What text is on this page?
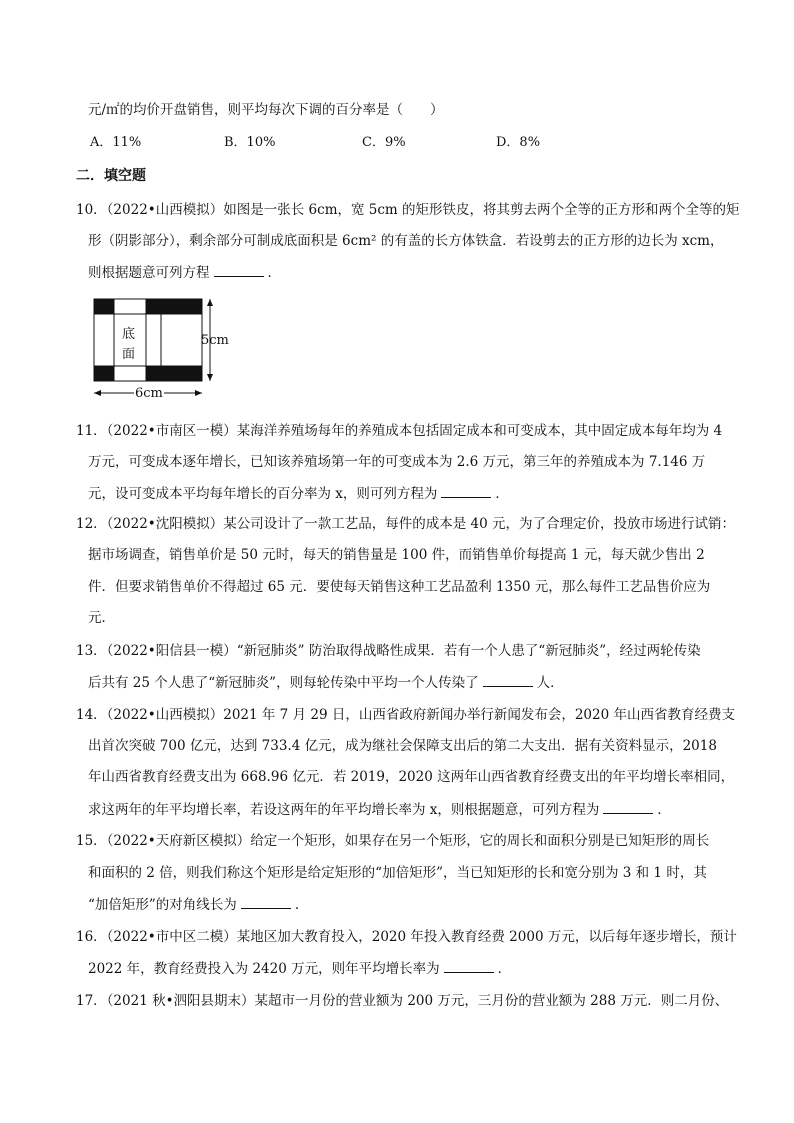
元/㎡的均价开盘销售，则平均每次下调的百分率是（　　）
A．11%	B．10%	C．9%	D．8%
二．填空题
10．（2022•山西模拟）如图是一张长 6cm，宽 5cm 的矩形铁皮，将其剪去两个全等的正方形和两个全等的矩
形（阴影部分），剩余部分可制成底面积是 6cm² 的有盖的长方体铁盒．若设剪去的正方形的边长为 xcm，
则根据题意可列方程	．
底
面
5cm
6cm
11．（2022•市南区一模）某海洋养殖场每年的养殖成本包括固定成本和可变成本，其中固定成本每年均为 4
万元，可变成本逐年增长，已知该养殖场第一年的可变成本为 2.6 万元，第三年的养殖成本为 7.146 万
元，设可变成本平均每年增长的百分率为 x，则可列方程为	．
12．（2022•沈阳模拟）某公司设计了一款工艺品，每件的成本是 40 元，为了合理定价，投放市场进行试销：
据市场调查，销售单价是 50 元时，每天的销售量是 100 件，而销售单价每提高 1 元，每天就少售出 2
件．但要求销售单价不得超过 65 元．要使每天销售这种工艺品盈利 1350 元，那么每件工艺品售价应为
元．
13．（2022•阳信县一模）“新冠肺炎” 防治取得战略性成果．若有一个人患了“新冠肺炎”，经过两轮传染
后共有 25 个人患了“新冠肺炎”，则每轮传染中平均一个人传染了	人．
14．（2022•山西模拟）2021 年 7 月 29 日，山西省政府新闻办举行新闻发布会，2020 年山西省教育经费支
出首次突破 700 亿元，达到 733.4 亿元，成为继社会保障支出后的第二大支出．据有关资料显示，2018
年山西省教育经费支出为 668.96 亿元．若 2019，2020 这两年山西省教育经费支出的年平均增长率相同，
求这两年的年平均增长率，若设这两年的年平均增长率为 x，则根据题意，可列方程为	．
15．（2022•天府新区模拟）给定一个矩形，如果存在另一个矩形，它的周长和面积分别是已知矩形的周长
和面积的 2 倍，则我们称这个矩形是给定矩形的“加倍矩形”，当已知矩形的长和宽分别为 3 和 1 时，其
“加倍矩形”的对角线长为	．
16．（2022•市中区二模）某地区加大教育投入，2020 年投入教育经费 2000 万元，以后每年逐步增长，预计
2022 年，教育经费投入为 2420 万元，则年平均增长率为	．
17．（2021 秋•泗阳县期末）某超市一月份的营业额为 200 万元，三月份的营业额为 288 万元．则二月份、
